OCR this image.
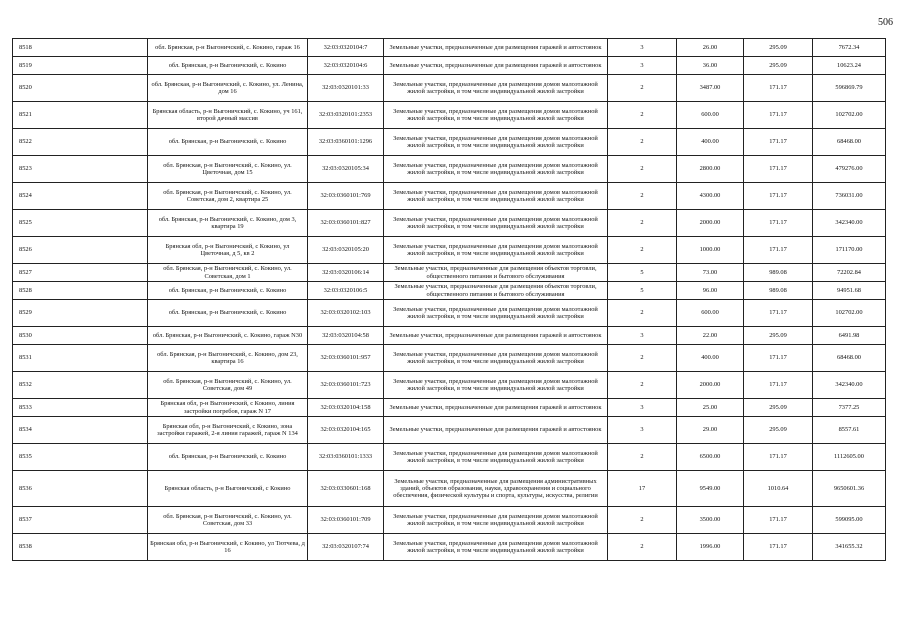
506
8518	обл. Брянская, р-н Выгоничский, с. Кокино, гараж 16	32:03:0320104:7	Земельные участки, предназначенные для размещения гаражей и автостоянок	3	26.00	295.09	7672.34
8519	обл. Брянская, р-н Выгоничский, с. Кокино	32:03:0320104:6	Земельные участки, предназначенные для размещения гаражей и автостоянок	3	36.00	295.09	10623.24
8520	обл. Брянская, р-н Выгоничский, с. Кокино, ул. Ленина, дом 16	32:03:0320101:33	Земельные участки, предназначенные для размещения домов малоэтажной жилой застройки, в том числе индивидуальной жилой застройки	2	3487.00	171.17	596869.79
8521	Брянская область, р-н Выгоничский, с. Кокино, уч 161, второй дачный массив	32:03:0320101:2353	Земельные участки, предназначенные для размещения домов малоэтажной жилой застройки, в том числе индивидуальной жилой застройки	2	600.00	171.17	102702.00
8522	обл. Брянская, р-н Выгоничский, с. Кокино	32:03:0360101:1296	Земельные участки, предназначенные для размещения домов малоэтажной жилой застройки, в том числе индивидуальной жилой застройки	2	400.00	171.17	68468.00
8523	обл. Брянская, р-н Выгоничский, с. Кокино, ул. Цветочная, дом 15	32:03:0320105:34	Земельные участки, предназначенные для размещения домов малоэтажной жилой застройки, в том числе индивидуальной жилой застройки	2	2800.00	171.17	479276.00
8524	обл. Брянская, р-н Выгоничский, с. Кокино, ул. Советская, дом 2, квартира 25	32:03:0360101:769	Земельные участки, предназначенные для размещения домов малоэтажной жилой застройки, в том числе индивидуальной жилой застройки	2	4300.00	171.17	736031.00
8525	обл. Брянская, р-н Выгоничский, с. Кокино, дом 3, квартира 19	32:03:0360101:827	Земельные участки, предназначенные для размещения домов малоэтажной жилой застройки, в том числе индивидуальной жилой застройки	2	2000.00	171.17	342340.00
8526	Брянская обл, р-н Выгоничский, с Кокино, ул Цветочная, д 5, кв 2	32:03:0320105:20	Земельные участки, предназначенные для размещения домов малоэтажной жилой застройки, в том числе индивидуальной жилой застройки	2	1000.00	171.17	171170.00
8527	обл. Брянская, р-н Выгоничский, с. Кокино, ул. Советская, дом 1	32:03:0320106:14	Земельные участки, предназначенные для размещения объектов торговли, общественного питания и бытового обслуживания	5	73.00	989.08	72202.84
8528	обл. Брянская, р-н Выгоничский, с. Кокино	32:03:0320106:5	Земельные участки, предназначенные для размещения объектов торговли, общественного питания и бытового обслуживания	5	96.00	989.08	94951.68
8529	обл. Брянская, р-н Выгоничский, с. Кокино	32:03:0320102:103	Земельные участки, предназначенные для размещения домов малоэтажной жилой застройки, в том числе индивидуальной жилой застройки	2	600.00	171.17	102702.00
8530	обл. Брянская, р-н Выгоничский, с. Кокино, гараж N30	32:03:0320104:58	Земельные участки, предназначенные для размещения гаражей и автостоянок	3	22.00	295.09	6491.98
8531	обл. Брянская, р-н Выгоничский, с. Кокино, дом 23, квартира 16	32:03:0360101:957	Земельные участки, предназначенные для размещения домов малоэтажной жилой застройки, в том числе индивидуальной жилой застройки	2	400.00	171.17	68468.00
8532	обл. Брянская, р-н Выгоничский, с. Кокино, ул. Советская, дом 49	32:03:0360101:723	Земельные участки, предназначенные для размещения домов малоэтажной жилой застройки, в том числе индивидуальной жилой застройки	2	2000.00	171.17	342340.00
8533	Брянская обл, р-н Выгоничский, с Кокино, линия застройки погребов, гараж N 17	32:03:0320104:158	Земельные участки, предназначенные для размещения гаражей и автостоянок	3	25.00	295.09	7377.25
8534	Брянская обл, р-н Выгоничский, с Кокино, зона застройки гаражей, 2-я линия гаражей, гараж N 134	32:03:0320104:165	Земельные участки, предназначенные для размещения гаражей и автостоянок	3	29.00	295.09	8557.61
8535	обл. Брянская, р-н Выгоничский, с. Кокино	32:03:0360101:1333	Земельные участки, предназначенные для размещения домов малоэтажной жилой застройки, в том числе индивидуальной жилой застройки	2	6500.00	171.17	1112605.00
8536	Брянская область, р-н Выгоничский, с Кокино	32:03:0330601:168	Земельные участки, предназначенные для размещения административных зданий, объектов образования, науки, здравоохранения и социального обеспечения, физической культуры и спорта, культуры, искусства, религии	17	9549.00	1010.64	9650601.36
8537	обл. Брянская, р-н Выгоничский, с. Кокино, ул. Советская, дом 33	32:03:0360101:709	Земельные участки, предназначенные для размещения домов малоэтажной жилой застройки, в том числе индивидуальной жилой застройки	2	3500.00	171.17	599095.00
8538	Брянская обл, р-н Выгоничский, с Кокино, ул Тютчева, д 16	32:03:0320107:74	Земельные участки, предназначенные для размещения домов малоэтажной жилой застройки, в том числе индивидуальной жилой застройки	2	1996.00	171.17	341655.32
